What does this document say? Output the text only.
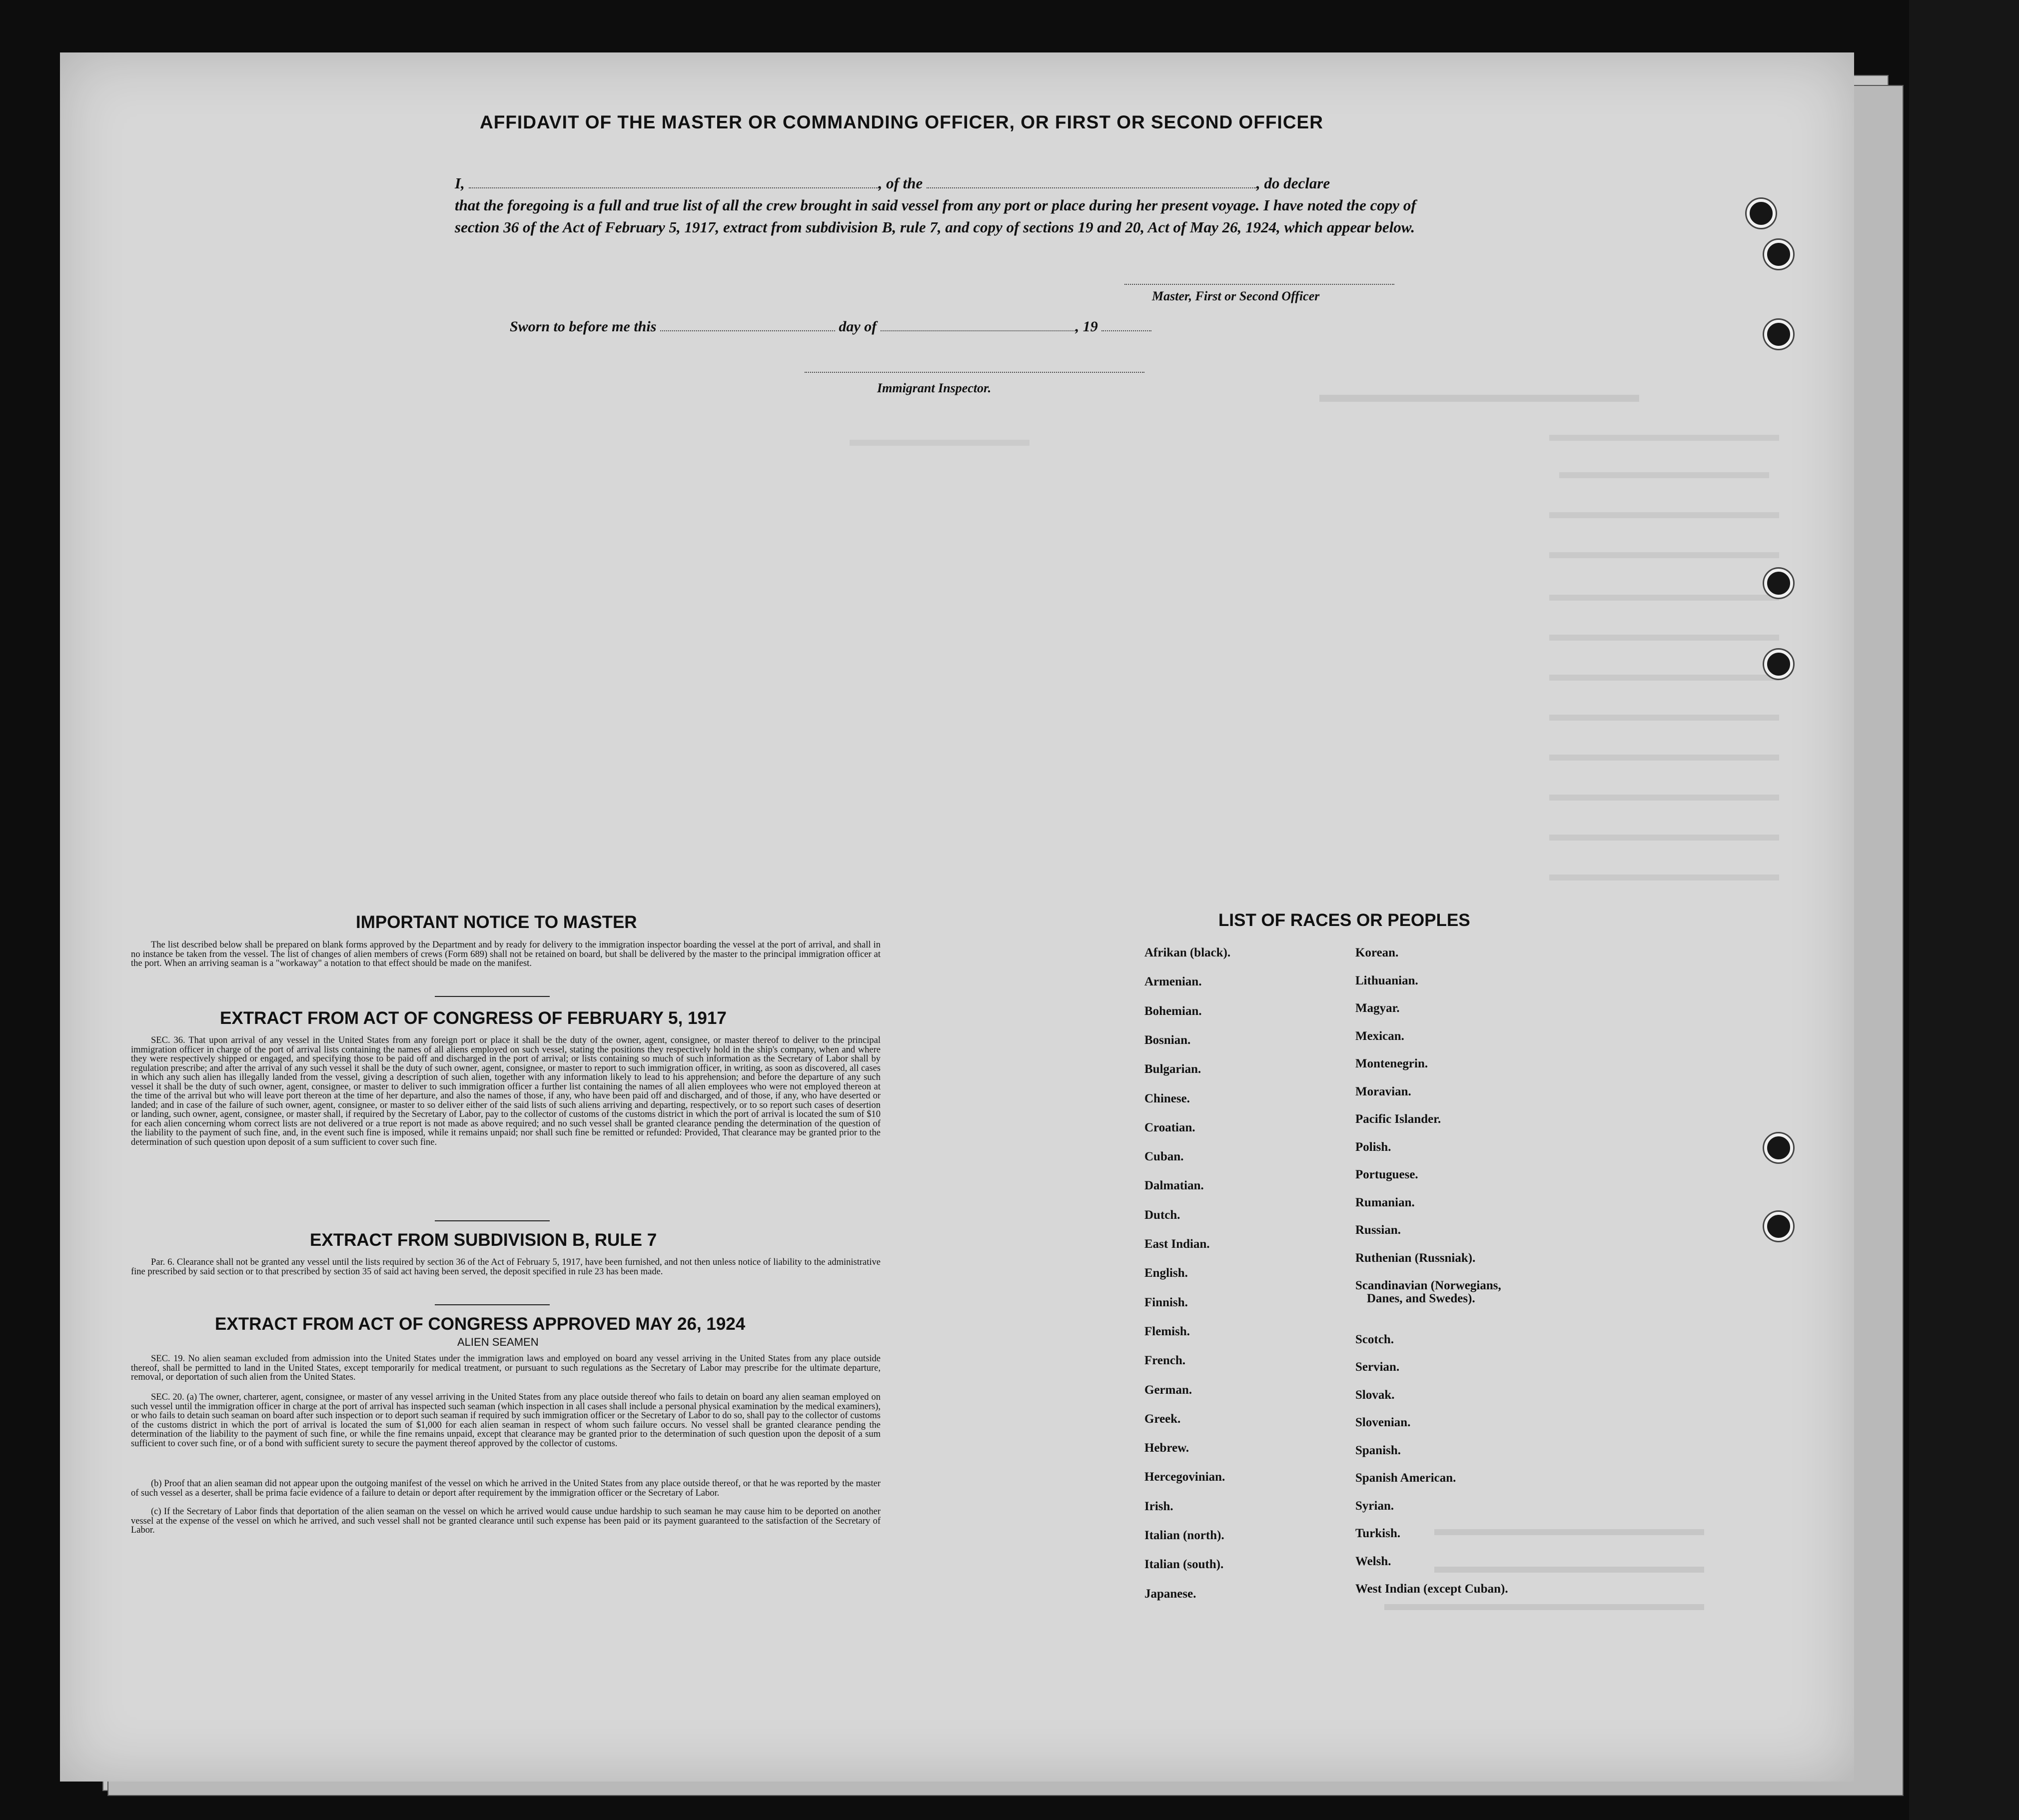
AFFIDAVIT OF THE MASTER OR COMMANDING OFFICER, OR FIRST OR SECOND OFFICER
I,	, of the	, do declare
that the foregoing is a full and true list of all the crew brought in said vessel from any port or place during her present voyage. I have noted the copy of section 36 of the Act of February 5, 1917, extract from subdivision B, rule 7, and copy of sections 19 and 20, Act of May 26, 1924, which appear below.
Master, First or Second Officer
Sworn to before me this	day of	, 19
Immigrant Inspector.
IMPORTANT NOTICE TO MASTER
The list described below shall be prepared on blank forms approved by the Department and by ready for delivery to the immigration inspector boarding the vessel at the port of arrival, and shall in no instance be taken from the vessel. The list of changes of alien members of crews (Form 689) shall not be retained on board, but shall be delivered by the master to the principal immigration officer at the port. When an arriving seaman is a "workaway" a notation to that effect should be made on the manifest.
EXTRACT FROM ACT OF CONGRESS OF FEBRUARY 5, 1917
SEC. 36. That upon arrival of any vessel in the United States from any foreign port or place it shall be the duty of the owner, agent, consignee, or master thereof to deliver to the principal immigration officer in charge of the port of arrival lists containing the names of all aliens employed on such vessel, stating the positions they respectively hold in the ship's company, when and where they were respectively shipped or engaged, and specifying those to be paid off and discharged in the port of arrival; or lists containing so much of such information as the Secretary of Labor shall by regulation prescribe; and after the arrival of any such vessel it shall be the duty of such owner, agent, consignee, or master to report to such immigration officer, in writing, as soon as discovered, all cases in which any such alien has illegally landed from the vessel, giving a description of such alien, together with any information likely to lead to his apprehension; and before the departure of any such vessel it shall be the duty of such owner, agent, consignee, or master to deliver to such immigration officer a further list containing the names of all alien employees who were not employed thereon at the time of the arrival but who will leave port thereon at the time of her departure, and also the names of those, if any, who have been paid off and discharged, and of those, if any, who have deserted or landed; and in case of the failure of such owner, agent, consignee, or master to so deliver either of the said lists of such aliens arriving and departing, respectively, or to so report such cases of desertion or landing, such owner, agent, consignee, or master shall, if required by the Secretary of Labor, pay to the collector of customs of the customs district in which the port of arrival is located the sum of $10 for each alien concerning whom correct lists are not delivered or a true report is not made as above required; and no such vessel shall be granted clearance pending the determination of the question of the liability to the payment of such fine, and, in the event such fine is imposed, while it remains unpaid; nor shall such fine be remitted or refunded: Provided, That clearance may be granted prior to the determination of such question upon deposit of a sum sufficient to cover such fine.
EXTRACT FROM SUBDIVISION B, RULE 7
Par. 6. Clearance shall not be granted any vessel until the lists required by section 36 of the Act of February 5, 1917, have been furnished, and not then unless notice of liability to the administrative fine prescribed by said section or to that prescribed by section 35 of said act having been served, the deposit specified in rule 23 has been made.
EXTRACT FROM ACT OF CONGRESS APPROVED MAY 26, 1924
ALIEN SEAMEN
SEC. 19. No alien seaman excluded from admission into the United States under the immigration laws and employed on board any vessel arriving in the United States from any place outside thereof, shall be permitted to land in the United States, except temporarily for medical treatment, or pursuant to such regulations as the Secretary of Labor may prescribe for the ultimate departure, removal, or deportation of such alien from the United States.
SEC. 20. (a) The owner, charterer, agent, consignee, or master of any vessel arriving in the United States from any place outside thereof who fails to detain on board any alien seaman employed on such vessel until the immigration officer in charge at the port of arrival has inspected such seaman (which inspection in all cases shall include a personal physical examination by the medical examiners), or who fails to detain such seaman on board after such inspection or to deport such seaman if required by such immigration officer or the Secretary of Labor to do so, shall pay to the collector of customs of the customs district in which the port of arrival is located the sum of $1,000 for each alien seaman in respect of whom such failure occurs. No vessel shall be granted clearance pending the determination of the liability to the payment of such fine, or while the fine remains unpaid, except that clearance may be granted prior to the determination of such question upon the deposit of a sum sufficient to cover such fine, or of a bond with sufficient surety to secure the payment thereof approved by the collector of customs.
(b) Proof that an alien seaman did not appear upon the outgoing manifest of the vessel on which he arrived in the United States from any place outside thereof, or that he was reported by the master of such vessel as a deserter, shall be prima facie evidence of a failure to detain or deport after requirement by the immigration officer or the Secretary of Labor.
(c) If the Secretary of Labor finds that deportation of the alien seaman on the vessel on which he arrived would cause undue hardship to such seaman he may cause him to be deported on another vessel at the expense of the vessel on which he arrived, and such vessel shall not be granted clearance until such expense has been paid or its payment guaranteed to the satisfaction of the Secretary of Labor.
LIST OF RACES OR PEOPLES
Afrikan (black).
Armenian.
Bohemian.
Bosnian.
Bulgarian.
Chinese.
Croatian.
Cuban.
Dalmatian.
Dutch.
East Indian.
English.
Finnish.
Flemish.
French.
German.
Greek.
Hebrew.
Hercegovinian.
Irish.
Italian (north).
Italian (south).
Japanese.
Korean.
Lithuanian.
Magyar.
Mexican.
Montenegrin.
Moravian.
Pacific Islander.
Polish.
Portuguese.
Rumanian.
Russian.
Ruthenian (Russniak).
Scandinavian (Norwegians,
Danes, and Swedes).
Scotch.
Servian.
Slovak.
Slovenian.
Spanish.
Spanish American.
Syrian.
Turkish.
Welsh.
West Indian (except Cuban).
